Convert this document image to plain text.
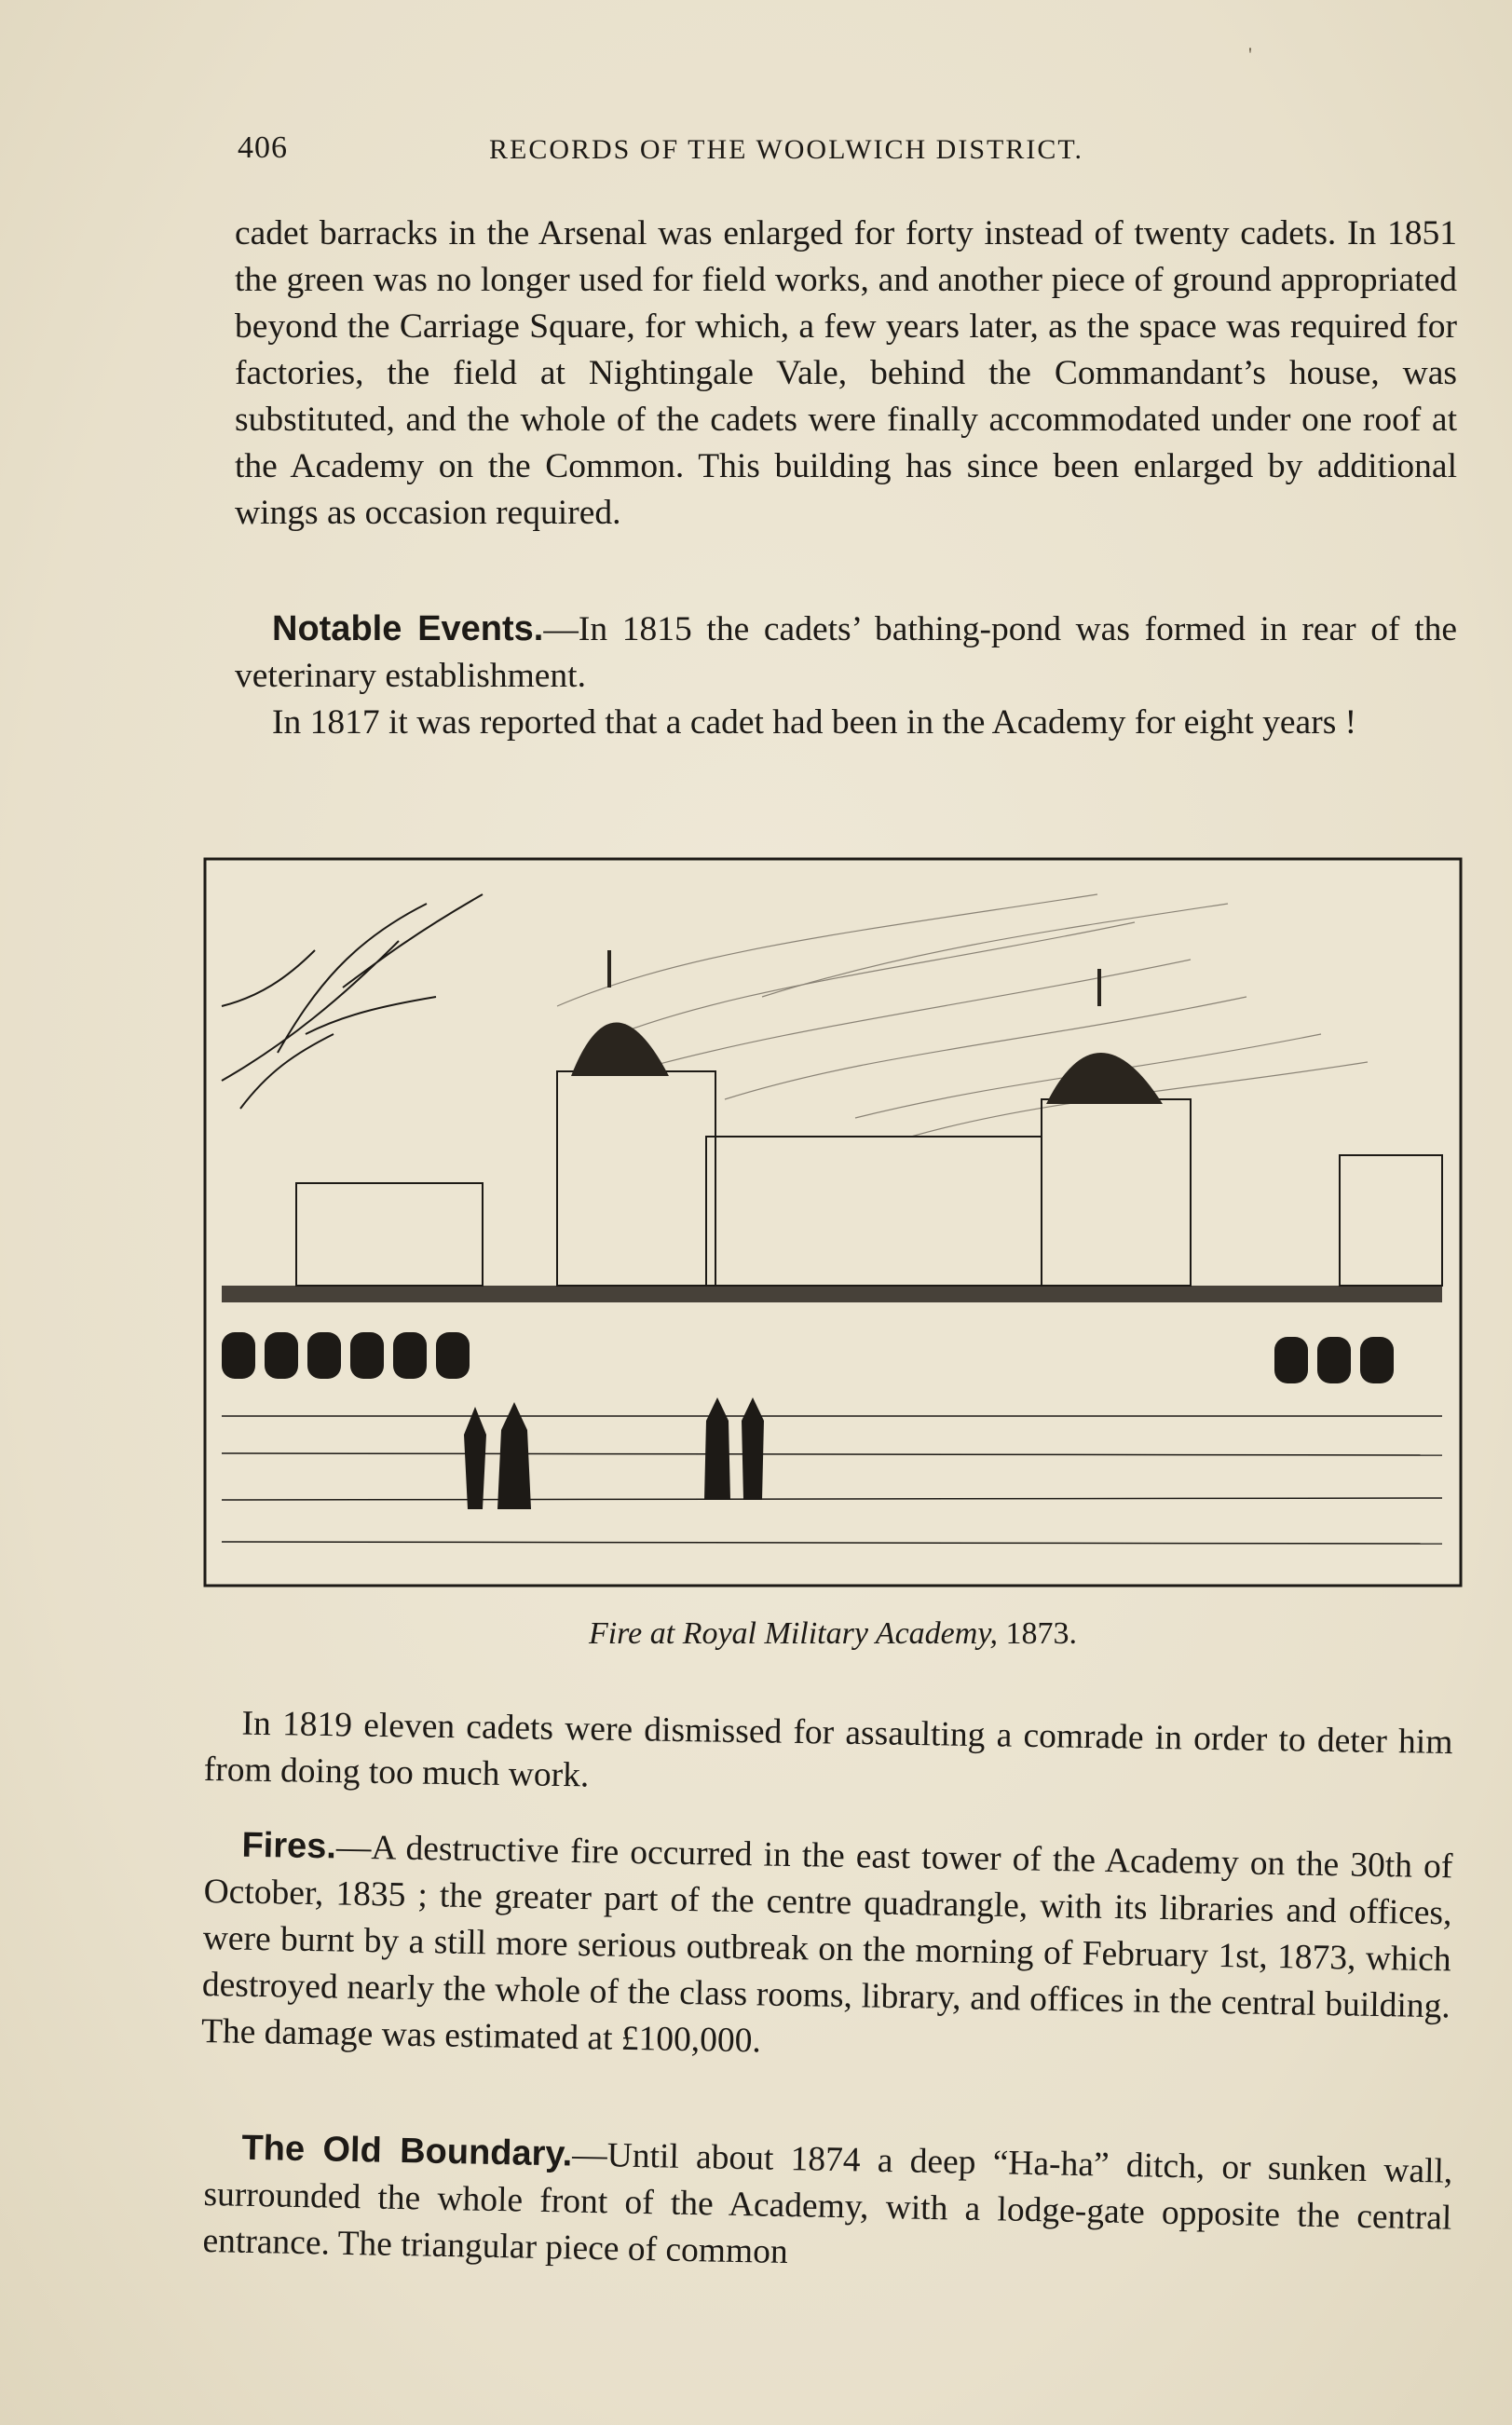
'
406	RECORDS OF THE WOOLWICH DISTRICT.

cadet barracks in the Arsenal was enlarged for forty instead of twenty cadets. In 1851 the green was no longer used for field works, and another piece of ground appropriated beyond the Carriage Square, for which, a few years later, as the space was required for factories, the field at Nightingale Vale, behind the Commandant’s house, was substituted, and the whole of the cadets were finally accommodated under one roof at the Academy on the Common. This building has since been enlarged by additional wings as occasion required.

Notable Events.—In 1815 the cadets’ bathing-pond was formed in rear of the veterinary establishment.

In 1817 it was reported that a cadet had been in the Academy for eight years !

Fire at Royal Military Academy, 1873.

In 1819 eleven cadets were dismissed for assaulting a comrade in order to deter him from doing too much work.

Fires.—A destructive fire occurred in the east tower of the Academy on the 30th of October, 1835 ; the greater part of the centre quadrangle, with its libraries and offices, were burnt by a still more serious outbreak on the morning of February 1st, 1873, which destroyed nearly the whole of the class rooms, library, and offices in the central building. The damage was estimated at £100,000.

The Old Boundary.—Until about 1874 a deep “Ha-ha” ditch, or sunken wall, surrounded the whole front of the Academy, with a lodge-gate opposite the central entrance. The triangular piece of common
